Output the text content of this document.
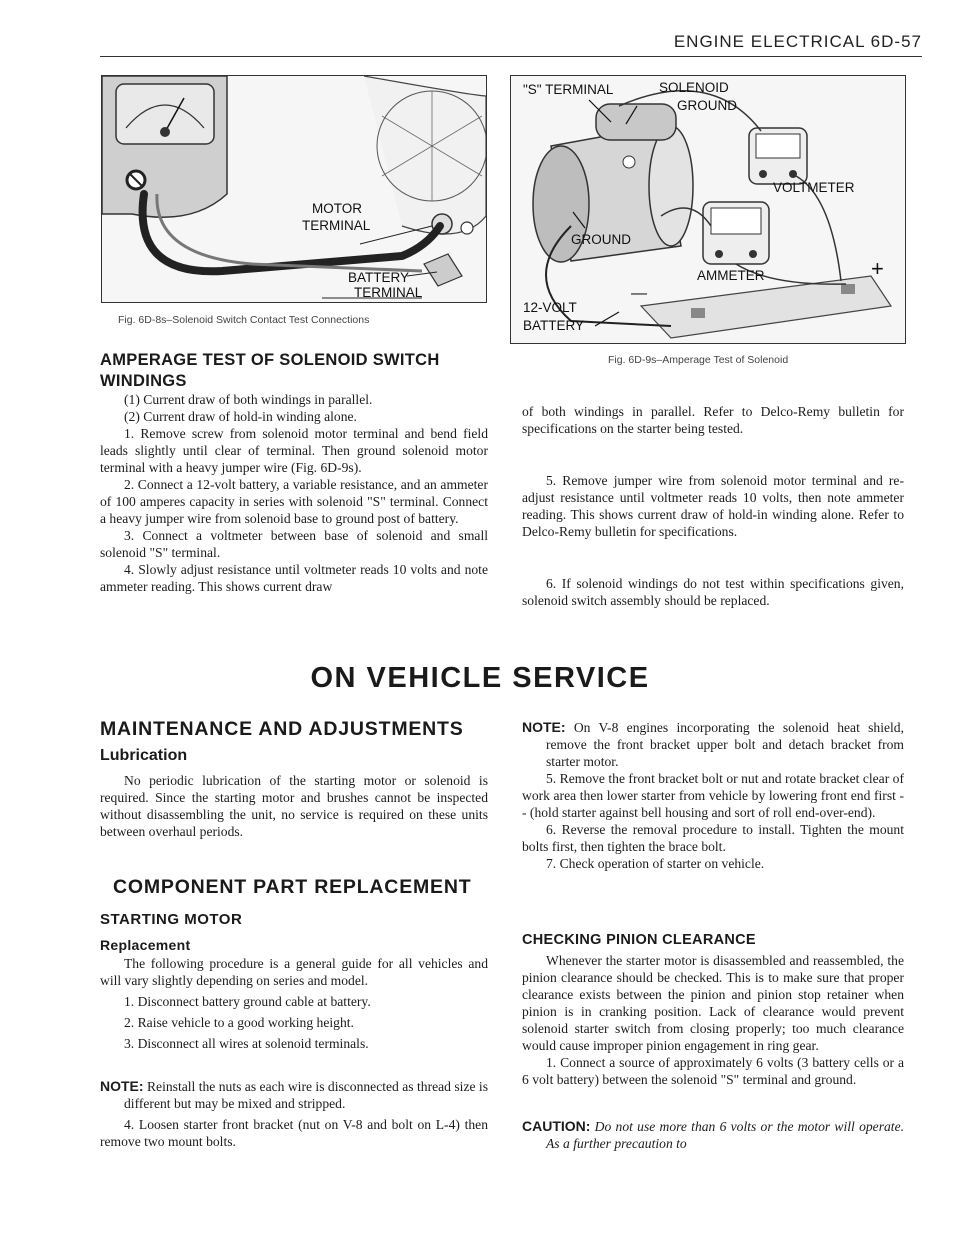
ENGINE ELECTRICAL 6D-57
MOTOR
TERMINAL
BATTERY
TERMINAL
Fig. 6D-8s–Solenoid Switch Contact Test Connections
"S" TERMINAL	SOLENOID
GROUND
VOLTMETER
GROUND
AMMETER
12-VOLT
BATTERY
+
—
Fig. 6D-9s–Amperage Test of Solenoid
AMPERAGE TEST OF SOLENOID SWITCH WINDINGS

(1) Current draw of both windings in parallel.

(2) Current draw of hold-in winding alone.

1. Remove screw from solenoid motor terminal and bend field leads slightly until clear of terminal. Then ground solenoid motor terminal with a heavy jumper wire (Fig. 6D-9s).

2. Connect a 12-volt battery, a variable resistance, and an ammeter of 100 amperes capacity in series with solenoid "S" terminal. Connect a heavy jumper wire from solenoid base to ground post of battery.

3. Connect a voltmeter between base of solenoid and small solenoid "S" terminal.

4. Slowly adjust resistance until voltmeter reads 10 volts and note ammeter reading. This shows current draw

of both windings in parallel. Refer to Delco-Remy bulletin for specifications on the starter being tested.

5. Remove jumper wire from solenoid motor terminal and re-adjust resistance until voltmeter reads 10 volts, then note ammeter reading. This shows current draw of hold-in winding alone. Refer to Delco-Remy bulletin for specifications.

6. If solenoid windings do not test within specifications given, solenoid switch assembly should be replaced.

ON VEHICLE SERVICE
MAINTENANCE AND ADJUSTMENTS
Lubrication

No periodic lubrication of the starting motor or solenoid is required. Since the starting motor and brushes cannot be inspected without disassembling the unit, no service is required on these units between overhaul periods.

COMPONENT PART REPLACEMENT
STARTING MOTOR
Replacement

The following procedure is a general guide for all vehicles and will vary slightly depending on series and model.

1. Disconnect battery ground cable at battery.

2. Raise vehicle to a good working height.

3. Disconnect all wires at solenoid terminals.

NOTE: Reinstall the nuts as each wire is disconnected as thread size is different but may be mixed and stripped.

4. Loosen starter front bracket (nut on V-8 and bolt on L-4) then remove two mount bolts.

NOTE: On V-8 engines incorporating the solenoid heat shield, remove the front bracket upper bolt and detach bracket from starter motor.

5. Remove the front bracket bolt or nut and rotate bracket clear of work area then lower starter from vehicle by lowering front end first -- (hold starter against bell housing and sort of roll end-over-end).

6. Reverse the removal procedure to install. Tighten the mount bolts first, then tighten the brace bolt.

7. Check operation of starter on vehicle.

CHECKING PINION CLEARANCE

Whenever the starter motor is disassembled and reassembled, the pinion clearance should be checked. This is to make sure that proper clearance exists between the pinion and pinion stop retainer when pinion is in cranking position. Lack of clearance would prevent solenoid starter switch from closing properly; too much clearance would cause improper pinion engagement in ring gear.

1. Connect a source of approximately 6 volts (3 battery cells or a 6 volt battery) between the solenoid "S" terminal and ground.

CAUTION: Do not use more than 6 volts or the motor will operate. As a further precaution to
